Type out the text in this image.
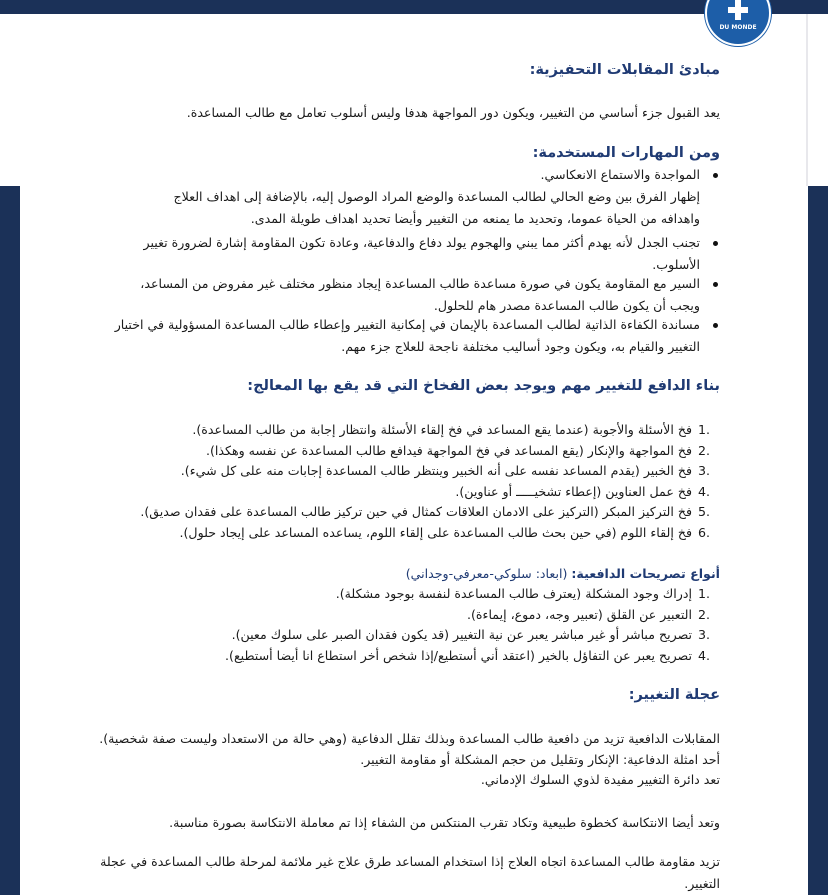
DU MONDE
مبادئ المقابلات التحفيزية:

يعد القبول جزء أساسي من التغيير، ويكون دور المواجهة هدفا وليس أسلوب تعامل مع طالب المساعدة.

ومن المهارات المستخدمة:
المواجدة والاستماع الانعكاسي.
إظهار الفرق بين وضع الحالي لطالب المساعدة والوضع المراد الوصول إليه، بالإضافة إلى اهداف العلاج
واهدافه من الحياة عموما، وتحديد ما يمنعه من التغيير وأيضا تحديد اهداف طويلة المدى.
تجنب الجدل لأنه يهدم أكثر مما يبني والهجوم يولد دفاع والدفاعية، وعادة تكون المقاومة إشارة لضرورة تغيير
الأسلوب.
السير مع المقاومة يكون في صورة مساعدة طالب المساعدة إيجاد منظور مختلف غير مفروض من المساعد،
ويجب أن يكون طالب المساعدة مصدر هام للحلول.
مساندة الكفاءة الذاتية لطالب المساعدة بالإيمان في إمكانية التغيير وإعطاء طالب المساعدة المسؤولية في اختيار
التغيير والقيام به، ويكون وجود أساليب مختلفة ناجحة للعلاج جزء مهم.
بناء الدافع للتغيير مهم ويوجد بعض الفخاخ التي قد يقع بها المعالج:
1.
فخ الأسئلة والأجوبة (عندما يقع المساعد في فخ إلقاء الأسئلة وانتظار إجابة من طالب المساعدة).
2.
فخ المواجهة والإنكار (يقع المساعد في فخ المواجهة فيدافع طالب المساعدة عن نفسه وهكذا).
3.
فخ الخبير (يقدم المساعد نفسه على أنه الخبير وينتظر طالب المساعدة إجابات منه على كل شيء).
4.
فخ عمل العناوين (إعطاء تشخيـــــ أو عناوين).
5.
فخ التركيز المبكر (التركيز على الادمان العلاقات كمثال في حين تركيز طالب المساعدة على فقدان صديق).
6.
فخ إلقاء اللوم (في حين بحث طالب المساعدة على إلقاء اللوم، يساعده المساعد على إيجاد حلول).
أنواع تصريحات الدافعية: (ابعاد: سلوكي-معرفي-وجداني)
1.
إدراك وجود المشكلة (يعترف طالب المساعدة لنفسة بوجود مشكلة).
2.
التعبير عن القلق (تعبير وجه، دموع، إيماءة).
3.
تصريح مباشر أو غير مباشر يعبر عن نية التغيير (قد يكون فقدان الصبر على سلوك معين).
4.
تصريح يعبر عن التفاؤل بالخير (اعتقد أني أستطيع/إذا شخص أخر استطاع انا أيضا أستطيع).
عجلة التغيير:

المقابلات الدافعية تزيد من دافعية طالب المساعدة وبذلك تقلل الدفاعية (وهي حالة من الاستعداد وليست صفة شخصية).
أحد امثلة الدفاعية: الإنكار وتقليل من حجم المشكلة أو مقاومة التغيير.
تعد دائرة التغيير مفيدة لذوي السلوك الإدماني.

وتعد أيضا الانتكاسة كخطوة طبيعية وتكاد تقرب المنتكس من الشفاء إذا تم معاملة الانتكاسة بصورة مناسبة.

تزيد مقاومة طالب المساعدة اتجاه العلاج إذا استخدام المساعد طرق علاج غير ملائمة لمرحلة طالب المساعدة في عجلة
التغيير.
